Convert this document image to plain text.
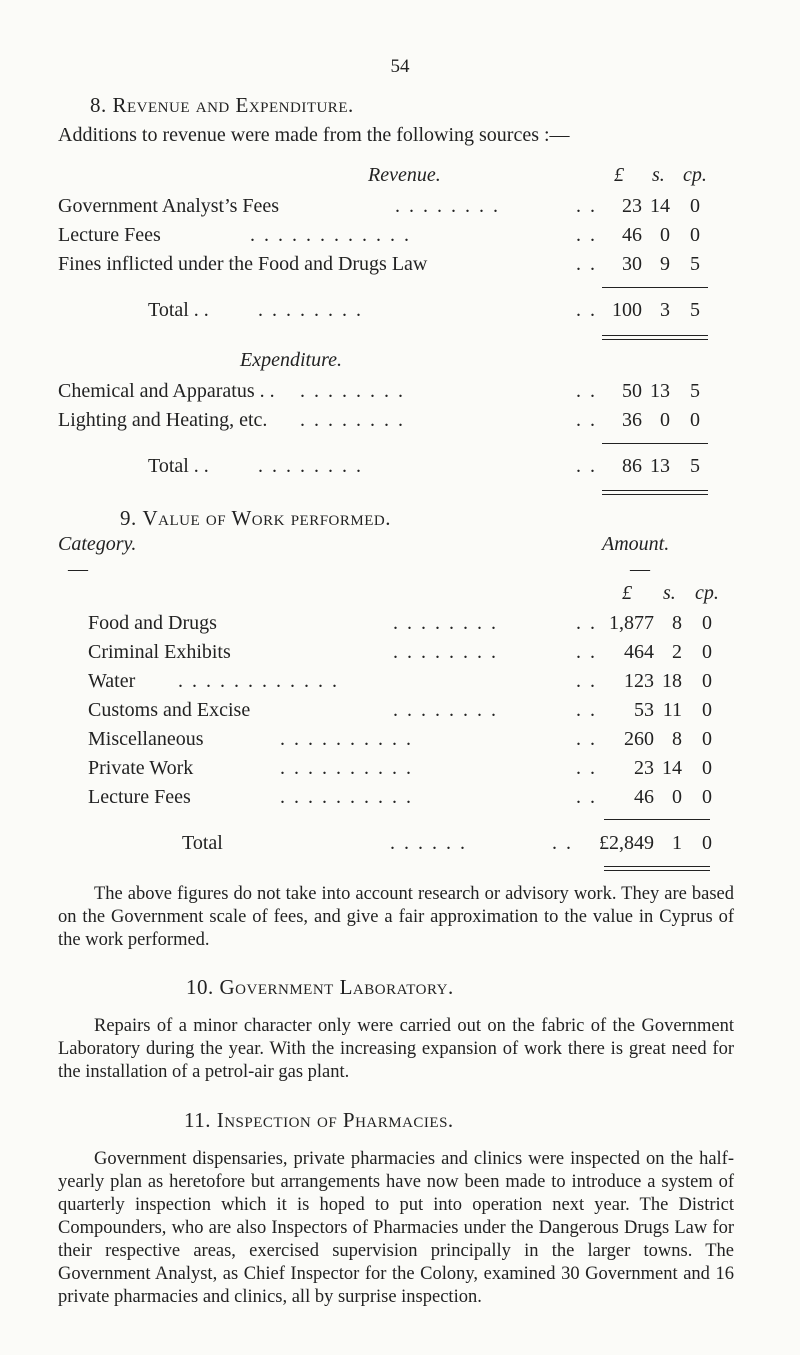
54
8. Revenue and Expenditure.
Additions to revenue were made from the following sources :—
Revenue.	£ s. cp.
Government Analyst’s Fees	. . . . . . . .	. .	23 14	0
Lecture Fees	. . . . . . . . . . . .	. .	46 0	0
Fines inflicted under the Food and Drugs Law	. .	30 9	5
Total . . . . . . . . . .	. . 100 3	5
Expenditure.
Chemical and Apparatus . . . . . . . . . .	. .	50 13	5
Lighting and Heating, etc. . . . . . . . .	. .	36 0	0
Total . . . . . . . . . .	. .	86 13	5
9. Value of Work performed.
Category.	Amount.
—	—
£ s. cp.
Food and Drugs	. . . . . . . .	. . 1,877 8	0
Criminal Exhibits	. . . . . . . .	. .	464 2	0
Water . . . . . . . . . . . .	. .	123 18	0
Customs and Excise	. . . . . . . .	. .	53 11	0
Miscellaneous	. . . . . . . . . .	. .	260 8	0
Private Work	. . . . . . . . . .	. .	23 14	0
Lecture Fees	. . . . . . . . . .	. .	46 0	0
Total	. . . . . .	. .	£2,849 1	0

The above figures do not take into account research or advisory work. They are based on the Government scale of fees, and give a fair approximation to the value in Cyprus of the work performed.

10. Government Laboratory.

Repairs of a minor character only were carried out on the fabric of the Government Laboratory during the year. With the increasing expansion of work there is great need for the installation of a petrol-air gas plant.

11. Inspection of Pharmacies.

Government dispensaries, private pharmacies and clinics were inspected on the half-yearly plan as heretofore but arrangements have now been made to introduce a system of quarterly inspection which it is hoped to put into operation next year. The District Compounders, who are also Inspectors of Pharmacies under the Dangerous Drugs Law for their respective areas, exercised supervision principally in the larger towns. The Government Analyst, as Chief Inspector for the Colony, examined 30 Government and 16 private pharmacies and clinics, all by surprise inspection.
